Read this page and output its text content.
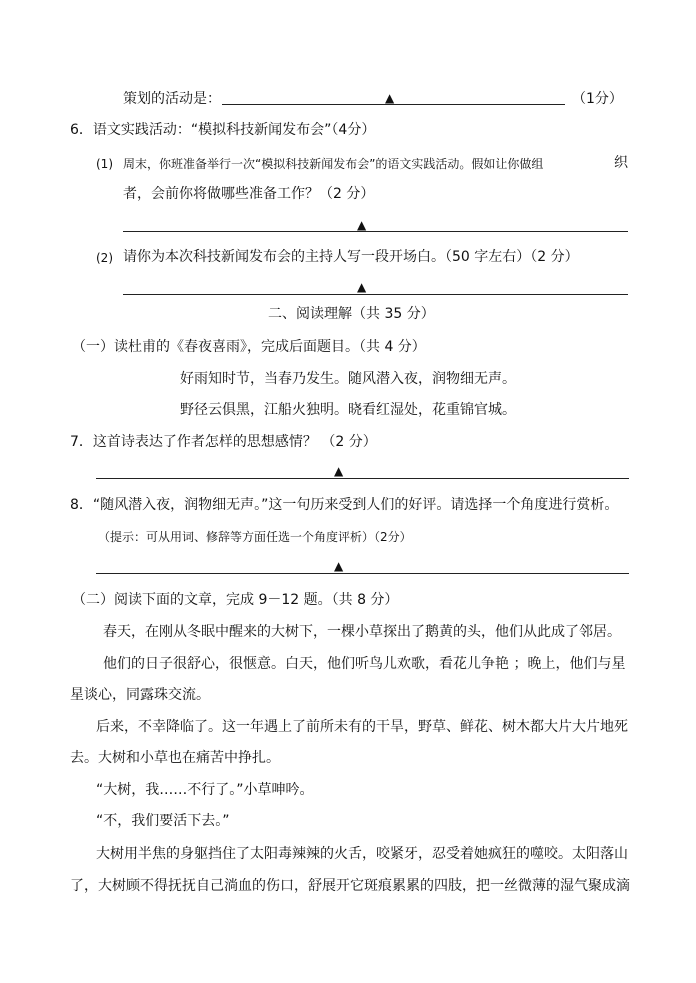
策划的活动是：	▲	（1分）
6．语文实践活动：“模拟科技新闻发布会”（4分）
(1) 周末，你班准备举行一次“模拟科技新闻发布会”的语文实践活动。假如让你做组	织
者，会前你将做哪些准备工作？（2 分）
▲
(2) 请你为本次科技新闻发布会的主持人写一段开场白。（50 字左右）（2 分）
▲
二、阅读理解（共 35 分）
（一）读杜甫的《春夜喜雨》，完成后面题目。（共 4 分）
好雨知时节，当春乃发生。随风潜入夜，润物细无声。
野径云俱黑，江船火独明。晓看红湿处，花重锦官城。
7．这首诗表达了作者怎样的思想感情？ （2 分）
▲
8．“随风潜入夜，润物细无声。”这一句历来受到人们的好评。请选择一个角度进行赏析。
（提示：可从用词、修辞等方面任选一个角度评析）（2分）
▲
（二）阅读下面的文章，完成 9－12 题。（共 8 分）
春天，在刚从冬眠中醒来的大树下，一棵小草探出了鹅黄的头，他们从此成了邻居。
他们的日子很舒心，很惬意。白天，他们听鸟儿欢歌，看花儿争艳 ；晚上，他们与星
星谈心，同露珠交流。
后来，不幸降临了。这一年遇上了前所未有的干旱，野草、鲜花、树木都大片大片地死
去。大树和小草也在痛苦中挣扎。
“大树，我……不行了。”小草呻吟。
“不，我们要活下去。”
大树用半焦的身躯挡住了太阳毒辣辣的火舌，咬紧牙，忍受着她疯狂的噬咬。太阳落山
了，大树顾不得抚抚自己淌血的伤口，舒展开它斑痕累累的四肢，把一丝微薄的湿气聚成滴
